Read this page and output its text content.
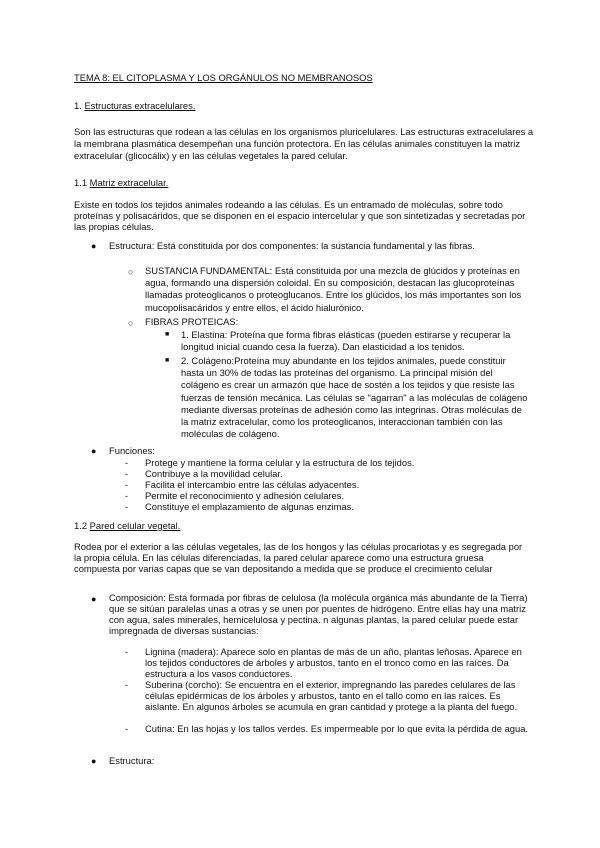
TEMA 8: EL CITOPLASMA Y LOS ORGÁNULOS NO MEMBRANOSOS
1. Estructuras extracelulares.

Son las estructuras que rodean a las células en los organismos pluricelulares. Las estructuras extracelulares a la membrana plasmática desempeñan una función protectora. En las células animales constituyen la matriz extracelular (glicocálix) y en las células vegetales la pared celular.

1.1 Matriz extracelular.

Existe en todos los tejidos animales rodeando a las células. Es un entramado de moléculas, sobre todo proteínas y polisacáridos, que se disponen en el espacio intercelular y que son sintetizadas y secretadas por las propias células.

● Estructura: Está constituida por dos componentes: la sustancia fundamental y las fibras.

○ SUSTANCIA FUNDAMENTAL: Está constituida por una mezcla de glúcidos y proteínas en agua, formando una dispersión coloidal. En su composición, destacan las glucoproteínas llamadas proteoglicanos o proteoglucanos. Entre los glúcidos, los más importantes son los mucopolisacáridos y entre ellos, el ácido hialurónico.

○ FIBRAS PROTEICAS:

■ 1. Elastina: Proteína que forma fibras elásticas (pueden estirarse y recuperar la longitud inicial cuando cesa la fuerza). Dan elasticidad a los tenidos.

■ 2. Colágeno:Proteína muy abundante en los tejidos animales, puede constituir hasta un 30% de todas las proteínas del organismo. La principal misión del colágeno es crear un armazón que hace de sostén a los tejidos y que resiste las fuerzas de tensión mecánica. Las células se "agarran" a las moléculas de colágeno mediante diversas proteínas de adhesión como las integrinas. Otras moléculas de la matriz extracelular, como los proteoglicanos, interaccionan también con las moléculas de colágeno.

● Funciones:

- Protege y mantiene la forma celular y la estructura de los tejidos.

- Contribuye a la movilidad celular.

- Facilita el intercambio entre las células adyacentes.

- Permite el reconocimiento y adhesión celulares.

- Constituye el emplazamiento de algunas enzimas.

1.2 Pared celular vegetal.

Rodea por el exterior a las células vegetales, las de los hongos y las células procariotas y es segregada por la propia célula. En las células diferenciadas, la pared celular aparece como una estructura gruesa compuesta por varias capas que se van depositando a medida que se produce el crecimiento celular

● Composición: Está formada por fibras de celulosa (la molécula orgánica más abundante de la Tierra) que se sitúan paralelas unas a otras y se unen por puentes de hidrógeno. Entre ellas hay una matriz con agua, sales minerales, hemicelulosa y pectina. n algunas plantas, la pared celular puede estar impregnada de diversas sustancias:

- Lignina (madera): Aparece solo en plantas de más de un año, plantas leñosas. Aparece en los tejidos conductores de árboles y arbustos, tanto en el tronco como en las raíces. Da estructura a los vasos conductores.

- Suberina (corcho): Se encuentra en el exterior, impregnando las paredes celulares de las células epidérmicas de los árboles y arbustos, tanto en el tallo como en las raíces. Es aislante. En algunos árboles se acumula en gran cantidad y protege a la planta del fuego.

- Cutina: En las hojas y los tallos verdes. Es impermeable por lo que evita la pérdida de agua.

● Estructura:
